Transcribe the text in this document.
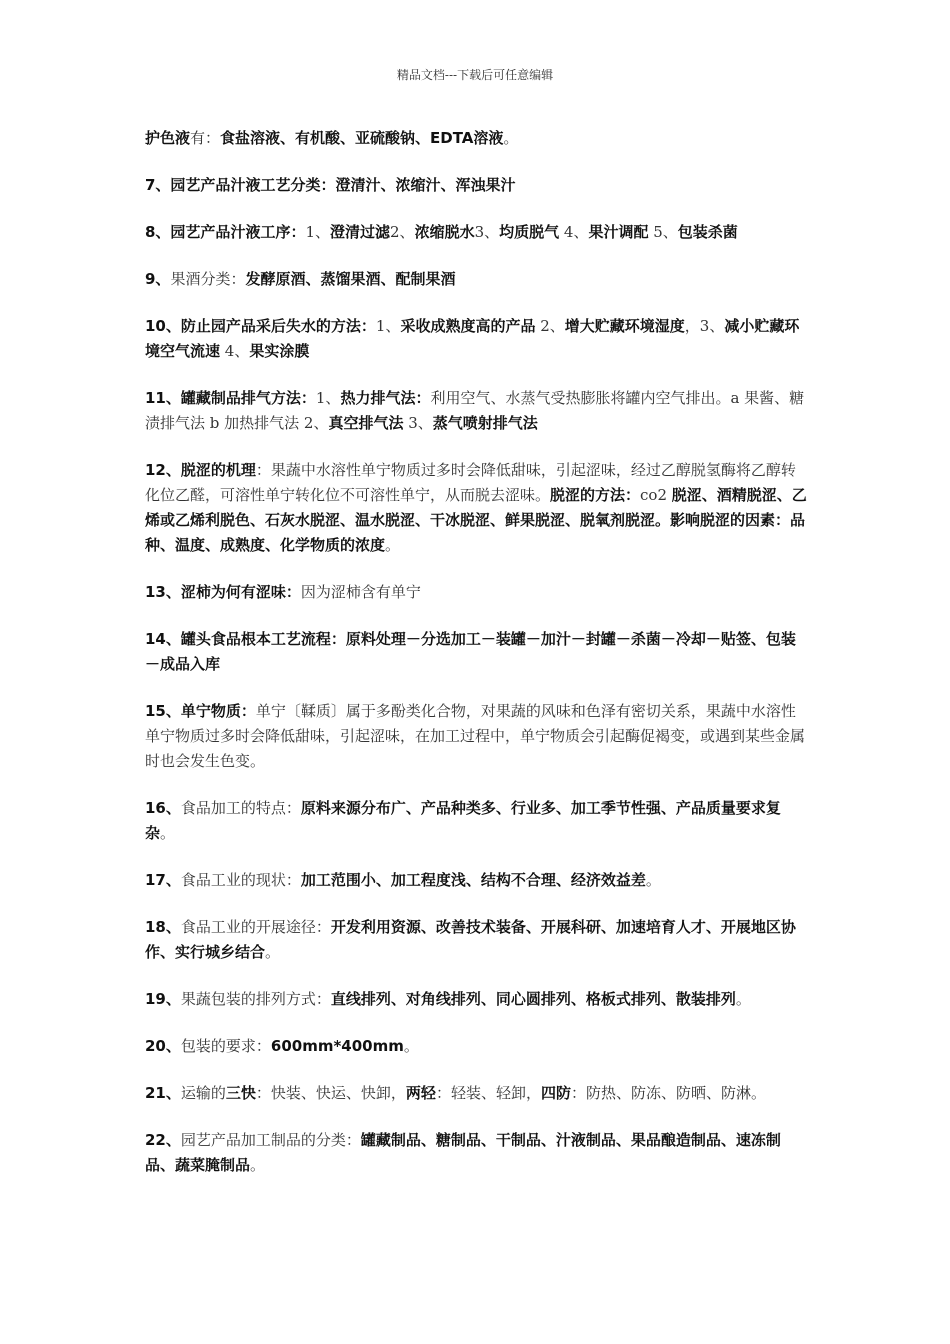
精品文档---下载后可任意编辑

护色液有：食盐溶液、有机酸、亚硫酸钠、EDTA溶液。

7、园艺产品汁液工艺分类：澄清汁、浓缩汁、浑浊果汁

8、园艺产品汁液工序：1、澄清过滤2、浓缩脱水3、均质脱气 4、果汁调配 5、包装杀菌

9、果酒分类：发酵原酒、蒸馏果酒、配制果酒

10、防止园产品采后失水的方法：1、采收成熟度高的产品 2、增大贮藏环境湿度，3、减小贮藏环境空气流速 4、果实涂膜

11、罐藏制品排气方法：1、热力排气法：利用空气、水蒸气受热膨胀将罐内空气排出。a 果酱、糖渍排气法 b 加热排气法 2、真空排气法 3、蒸气喷射排气法

12、脱涩的机理：果蔬中水溶性单宁物质过多时会降低甜味，引起涩味，经过乙醇脱氢酶将乙醇转化位乙醛，可溶性单宁转化位不可溶性单宁，从而脱去涩味。脱涩的方法：co2 脱涩、酒精脱涩、乙烯或乙烯利脱色、石灰水脱涩、温水脱涩、干冰脱涩、鲜果脱涩、脱氧剂脱涩。影响脱涩的因素：品种、温度、成熟度、化学物质的浓度。

13、涩柿为何有涩味：因为涩柿含有单宁

14、罐头食品根本工艺流程：原料处理－分选加工－装罐－加汁－封罐－杀菌－冷却－贴签、包装－成品入库

15、单宁物质：单宁〔鞣质〕属于多酚类化合物，对果蔬的风味和色泽有密切关系，果蔬中水溶性单宁物质过多时会降低甜味，引起涩味，在加工过程中，单宁物质会引起酶促褐变，或遇到某些金属时也会发生色变。

16、食品加工的特点：原料来源分布广、产品种类多、行业多、加工季节性强、产品质量要求复杂。

17、食品工业的现状：加工范围小、加工程度浅、结构不合理、经济效益差。

18、食品工业的开展途径：开发利用资源、改善技术装备、开展科研、加速培育人才、开展地区协作、实行城乡结合。

19、果蔬包装的排列方式：直线排列、对角线排列、同心圆排列、格板式排列、散装排列。

20、包装的要求：600mm*400mm。

21、运输的三快：快装、快运、快卸，两轻：轻装、轻卸，四防：防热、防冻、防晒、防淋。

22、园艺产品加工制品的分类：罐藏制品、糖制品、干制品、汁液制品、果品酿造制品、速冻制品、蔬菜腌制品。
